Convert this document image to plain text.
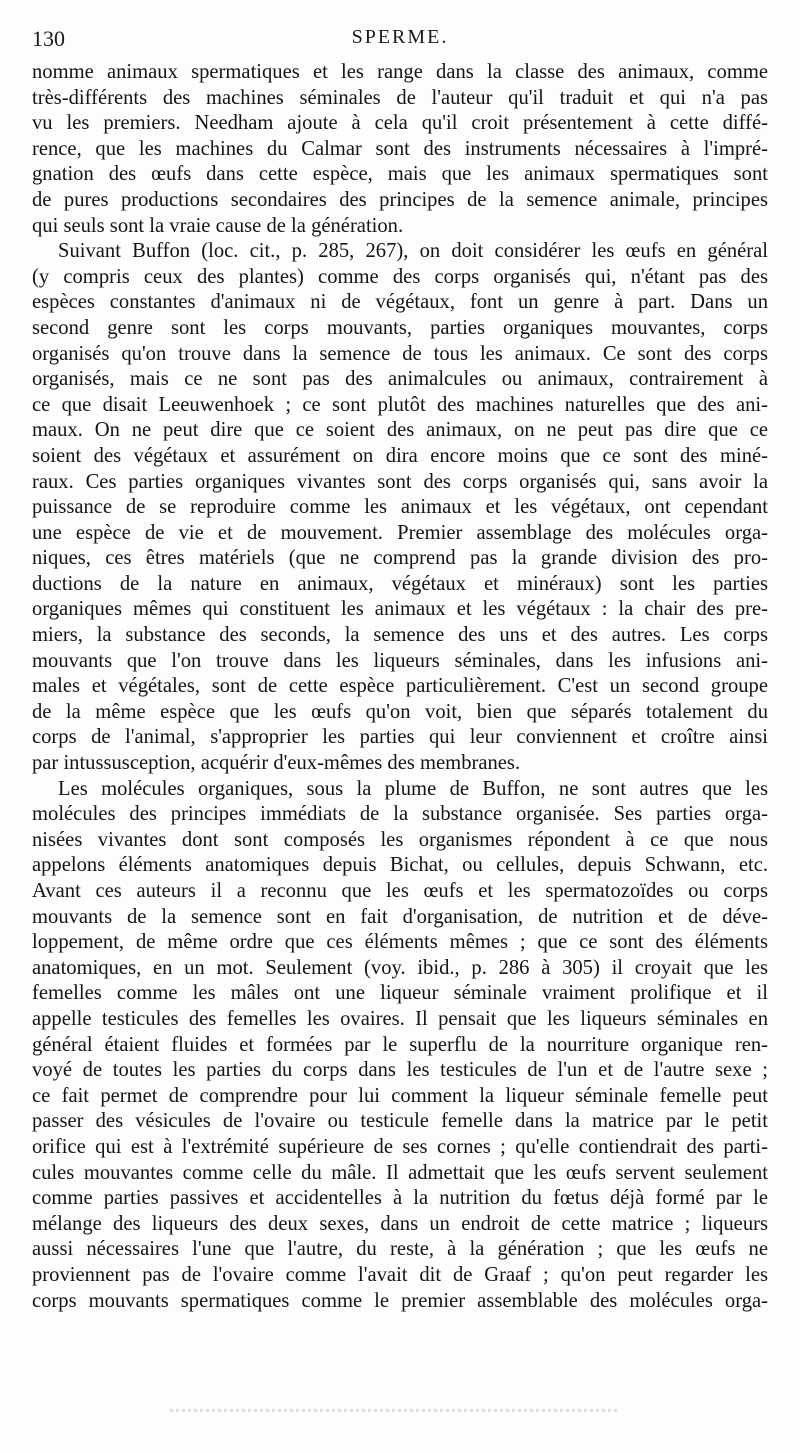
130	SPERME.
nomme animaux spermatiques et les range dans la classe des animaux, comme
très-différents des machines séminales de l'auteur qu'il traduit et qui n'a pas
vu les premiers. Needham ajoute à cela qu'il croit présentement à cette diffé-
rence, que les machines du Calmar sont des instruments nécessaires à l'impré-
gnation des œufs dans cette espèce, mais que les animaux spermatiques sont
de pures productions secondaires des principes de la semence animale, principes
qui seuls sont la vraie cause de la génération.
Suivant Buffon (loc. cit., p. 285, 267), on doit considérer les œufs en général
(y compris ceux des plantes) comme des corps organisés qui, n'étant pas des
espèces constantes d'animaux ni de végétaux, font un genre à part. Dans un
second genre sont les corps mouvants, parties organiques mouvantes, corps
organisés qu'on trouve dans la semence de tous les animaux. Ce sont des corps
organisés, mais ce ne sont pas des animalcules ou animaux, contrairement à
ce que disait Leeuwenhoek ; ce sont plutôt des machines naturelles que des ani-
maux. On ne peut dire que ce soient des animaux, on ne peut pas dire que ce
soient des végétaux et assurément on dira encore moins que ce sont des miné-
raux. Ces parties organiques vivantes sont des corps organisés qui, sans avoir la
puissance de se reproduire comme les animaux et les végétaux, ont cependant
une espèce de vie et de mouvement. Premier assemblage des molécules orga-
niques, ces êtres matériels (que ne comprend pas la grande division des pro-
ductions de la nature en animaux, végétaux et minéraux) sont les parties
organiques mêmes qui constituent les animaux et les végétaux : la chair des pre-
miers, la substance des seconds, la semence des uns et des autres. Les corps
mouvants que l'on trouve dans les liqueurs séminales, dans les infusions ani-
males et végétales, sont de cette espèce particulièrement. C'est un second groupe
de la même espèce que les œufs qu'on voit, bien que séparés totalement du
corps de l'animal, s'approprier les parties qui leur conviennent et croître ainsi
par intussusception, acquérir d'eux-mêmes des membranes.
Les molécules organiques, sous la plume de Buffon, ne sont autres que les
molécules des principes immédiats de la substance organisée. Ses parties orga-
nisées vivantes dont sont composés les organismes répondent à ce que nous
appelons éléments anatomiques depuis Bichat, ou cellules, depuis Schwann, etc.
Avant ces auteurs il a reconnu que les œufs et les spermatozoïdes ou corps
mouvants de la semence sont en fait d'organisation, de nutrition et de déve-
loppement, de même ordre que ces éléments mêmes ; que ce sont des éléments
anatomiques, en un mot. Seulement (voy. ibid., p. 286 à 305) il croyait que les
femelles comme les mâles ont une liqueur séminale vraiment prolifique et il
appelle testicules des femelles les ovaires. Il pensait que les liqueurs séminales en
général étaient fluides et formées par le superflu de la nourriture organique ren-
voyé de toutes les parties du corps dans les testicules de l'un et de l'autre sexe ;
ce fait permet de comprendre pour lui comment la liqueur séminale femelle peut
passer des vésicules de l'ovaire ou testicule femelle dans la matrice par le petit
orifice qui est à l'extrémité supérieure de ses cornes ; qu'elle contiendrait des parti-
cules mouvantes comme celle du mâle. Il admettait que les œufs servent seulement
comme parties passives et accidentelles à la nutrition du fœtus déjà formé par le
mélange des liqueurs des deux sexes, dans un endroit de cette matrice ; liqueurs
aussi nécessaires l'une que l'autre, du reste, à la génération ; que les œufs ne
proviennent pas de l'ovaire comme l'avait dit de Graaf ; qu'on peut regarder les
corps mouvants spermatiques comme le premier assemblable des molécules orga-
